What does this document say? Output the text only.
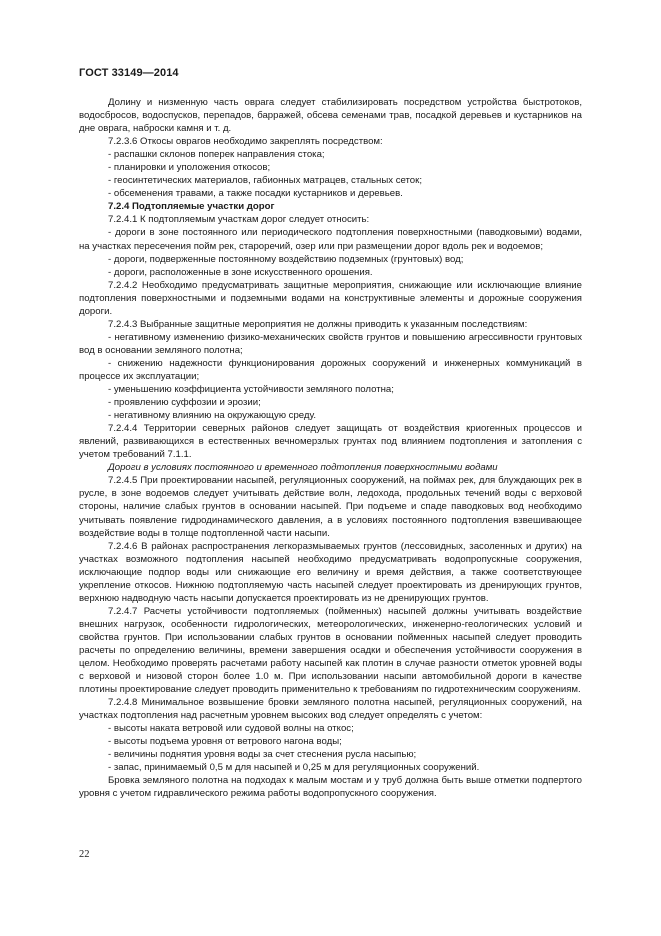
ГОСТ 33149—2014

Долину и низменную часть оврага следует стабилизировать посредством устройства быстротоков, водосбросов, водоспусков, перепадов, барражей, обсева семенами трав, посадкой деревьев и кустарников на дне оврага, наброски камня и т. д.

7.2.3.6 Откосы оврагов необходимо закреплять посредством:

- распашки склонов поперек направления стока;

- планировки и уположения откосов;

- геосинтетических материалов, габионных матрацев, стальных сеток;

- обсеменения травами, а также посадки кустарников и деревьев.

7.2.4 Подтопляемые участки дорог

7.2.4.1 К подтопляемым участкам дорог следует относить:

- дороги в зоне постоянного или периодического подтопления поверхностными (паводковыми) водами, на участках пересечения пойм рек, староречий, озер или при размещении дорог вдоль рек и водоемов;

- дороги, подверженные постоянному воздействию подземных (грунтовых) вод;

- дороги, расположенные в зоне искусственного орошения.

7.2.4.2 Необходимо предусматривать защитные мероприятия, снижающие или исключающие влияние подтопления поверхностными и подземными водами на конструктивные элементы и дорожные сооружения дороги.

7.2.4.3 Выбранные защитные мероприятия не должны приводить к указанным последствиям:

- негативному изменению физико-механических свойств грунтов и повышению агрессивности грунтовых вод в основании земляного полотна;

- снижению надежности функционирования дорожных сооружений и инженерных коммуникаций в процессе их эксплуатации;

- уменьшению коэффициента устойчивости земляного полотна;

- проявлению суффозии и эрозии;

- негативному влиянию на окружающую среду.

7.2.4.4 Территории северных районов следует защищать от воздействия криогенных процессов и явлений, развивающихся в естественных вечномерзлых грунтах под влиянием подтопления и затопления с учетом требований 7.1.1.

Дороги в условиях постоянного и временного подтопления поверхностными водами

7.2.4.5 При проектировании насыпей, регуляционных сооружений, на поймах рек, для блуждающих рек в русле, в зоне водоемов следует учитывать действие волн, ледохода, продольных течений воды с верховой стороны, наличие слабых грунтов в основании насыпей. При подъеме и спаде паводковых вод необходимо учитывать появление гидродинамического давления, а в условиях постоянного подтопления взвешивающее воздействие воды в толще подтопленной части насыпи.

7.2.4.6 В районах распространения легкоразмываемых грунтов (лессовидных, засоленных и других) на участках возможного подтопления насыпей необходимо предусматривать водопропускные сооружения, исключающие подпор воды или снижающие его величину и время действия, а также соответствующее укрепление откосов. Нижнюю подтопляемую часть насыпей следует проектировать из дренирующих грунтов, верхнюю надводную часть насыпи допускается проектировать из не дренирующих грунтов.

7.2.4.7 Расчеты устойчивости подтопляемых (пойменных) насыпей должны учитывать воздействие внешних нагрузок, особенности гидрологических, метеорологических, инженерно-геологических условий и свойства грунтов. При использовании слабых грунтов в основании пойменных насыпей следует проводить расчеты по определению величины, времени завершения осадки и обеспечения устойчивости сооружения в целом. Необходимо проверять расчетами работу насыпей как плотин в случае разности отметок уровней воды с верховой и низовой сторон более 1.0 м. При использовании насыпи автомобильной дороги в качестве плотины проектирование следует проводить применительно к требованиям по гидротехническим сооружениям.

7.2.4.8 Минимальное возвышение бровки земляного полотна насыпей, регуляционных сооружений, на участках подтопления над расчетным уровнем высоких вод следует определять с учетом:

- высоты наката ветровой или судовой волны на откос;

- высоты подъема уровня от ветрового нагона воды;

- величины поднятия уровня воды за счет стеснения русла насыпью;

- запас, принимаемый 0,5 м для насыпей и 0,25 м для регуляционных сооружений.

Бровка земляного полотна на подходах к малым мостам и у труб должна быть выше отметки подпертого уровня с учетом гидравлического режима работы водопропускного сооружения.

22
